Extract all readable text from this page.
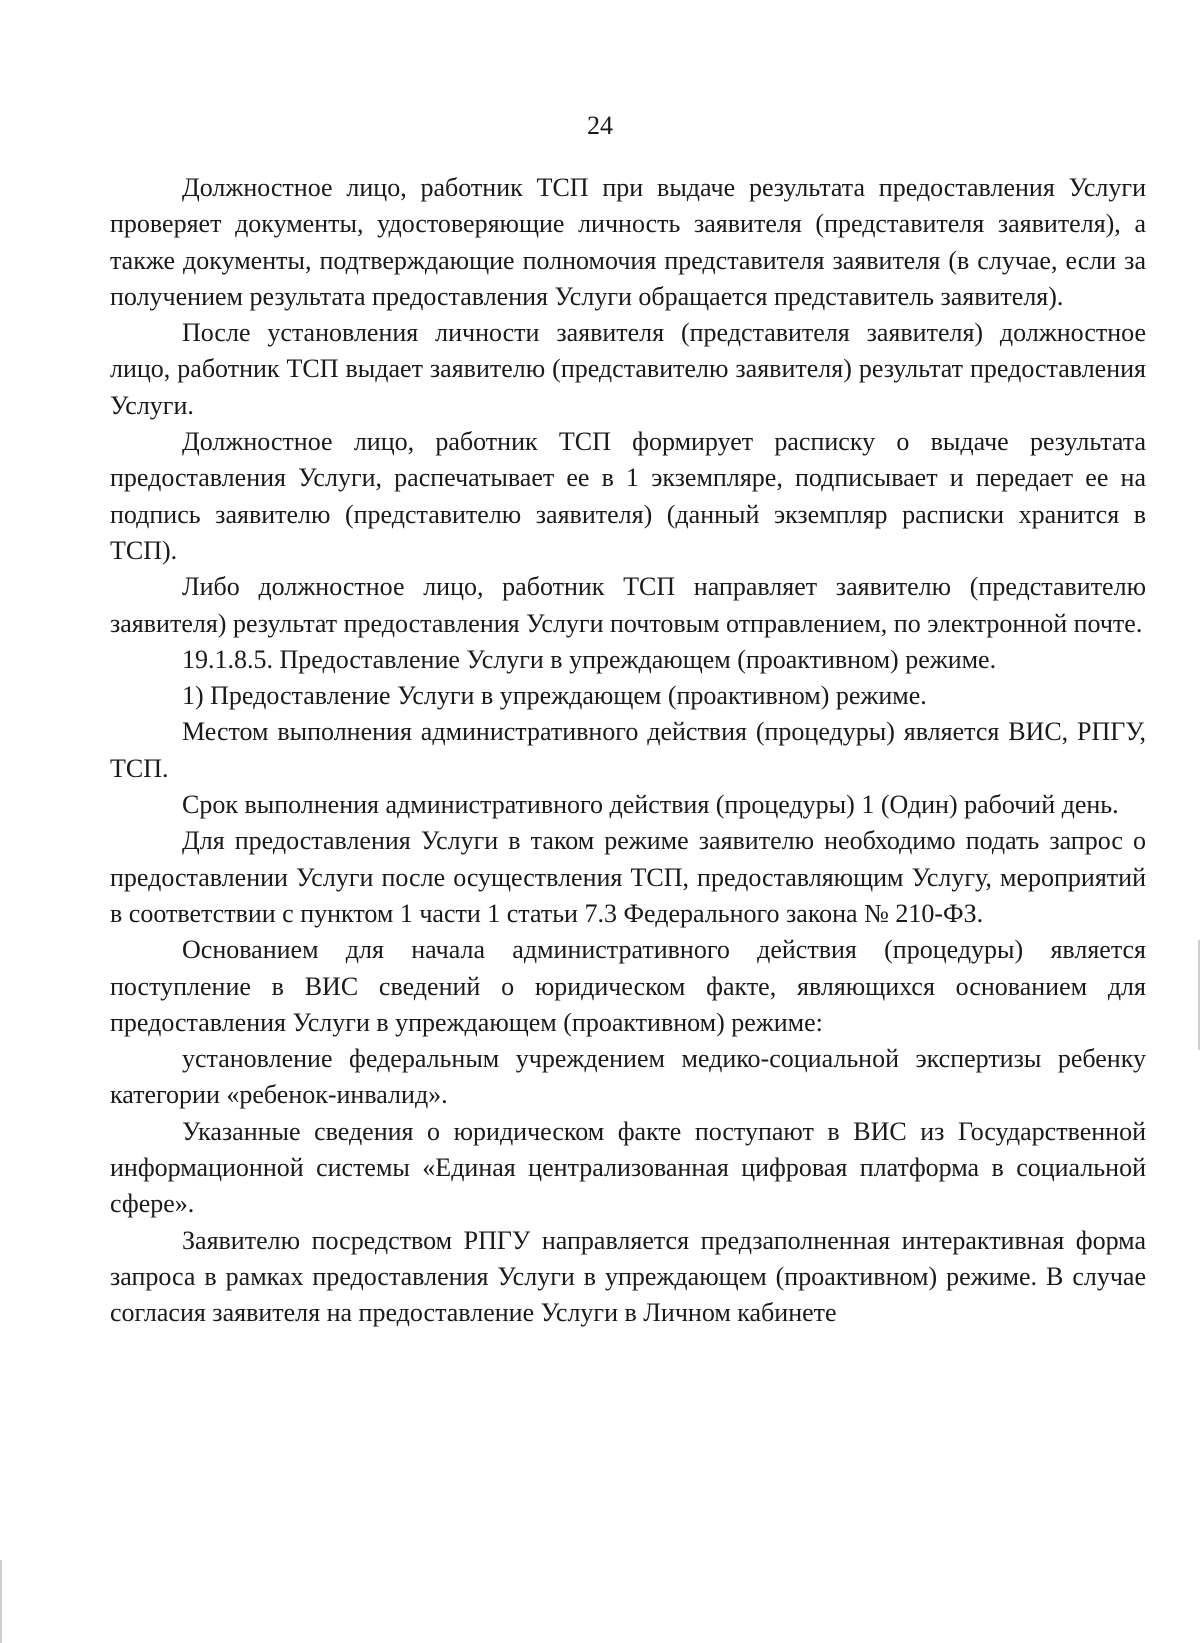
24

Должностное лицо, работник ТСП при выдаче результата предоставления Услуги проверяет документы, удостоверяющие личность заявителя (представителя заявителя), а также документы, подтверждающие полномочия представителя заявителя (в случае, если за получением результата предоставления Услуги обращается представитель заявителя).

После установления личности заявителя (представителя заявителя) должностное лицо, работник ТСП выдает заявителю (представителю заявителя) результат предоставления Услуги.

Должностное лицо, работник ТСП формирует расписку о выдаче результата предоставления Услуги, распечатывает ее в 1 экземпляре, подписывает и передает ее на подпись заявителю (представителю заявителя) (данный экземпляр расписки хранится в ТСП).

Либо должностное лицо, работник ТСП направляет заявителю (представителю заявителя) результат предоставления Услуги почтовым отправлением, по электронной почте.

19.1.8.5. Предоставление Услуги в упреждающем (проактивном) режиме.

1) Предоставление Услуги в упреждающем (проактивном) режиме.

Местом выполнения административного действия (процедуры) является ВИС, РПГУ, ТСП.

Срок выполнения административного действия (процедуры) 1 (Один) рабочий день.

Для предоставления Услуги в таком режиме заявителю необходимо подать запрос о предоставлении Услуги после осуществления ТСП, предоставляющим Услугу, мероприятий в соответствии с пунктом 1 части 1 статьи 7.3 Федерального закона № 210-ФЗ.

Основанием для начала административного действия (процедуры) является поступление в ВИС сведений о юридическом факте, являющихся основанием для предоставления Услуги в упреждающем (проактивном) режиме:

установление федеральным учреждением медико-социальной экспертизы ребенку категории «ребенок-инвалид».

Указанные сведения о юридическом факте поступают в ВИС из Государственной информационной системы «Единая централизованная цифровая платформа в социальной сфере».

Заявителю посредством РПГУ направляется предзаполненная интерактивная форма запроса в рамках предоставления Услуги в упреждающем (проактивном) режиме. В случае согласия заявителя на предоставление Услуги в Личном кабинете
